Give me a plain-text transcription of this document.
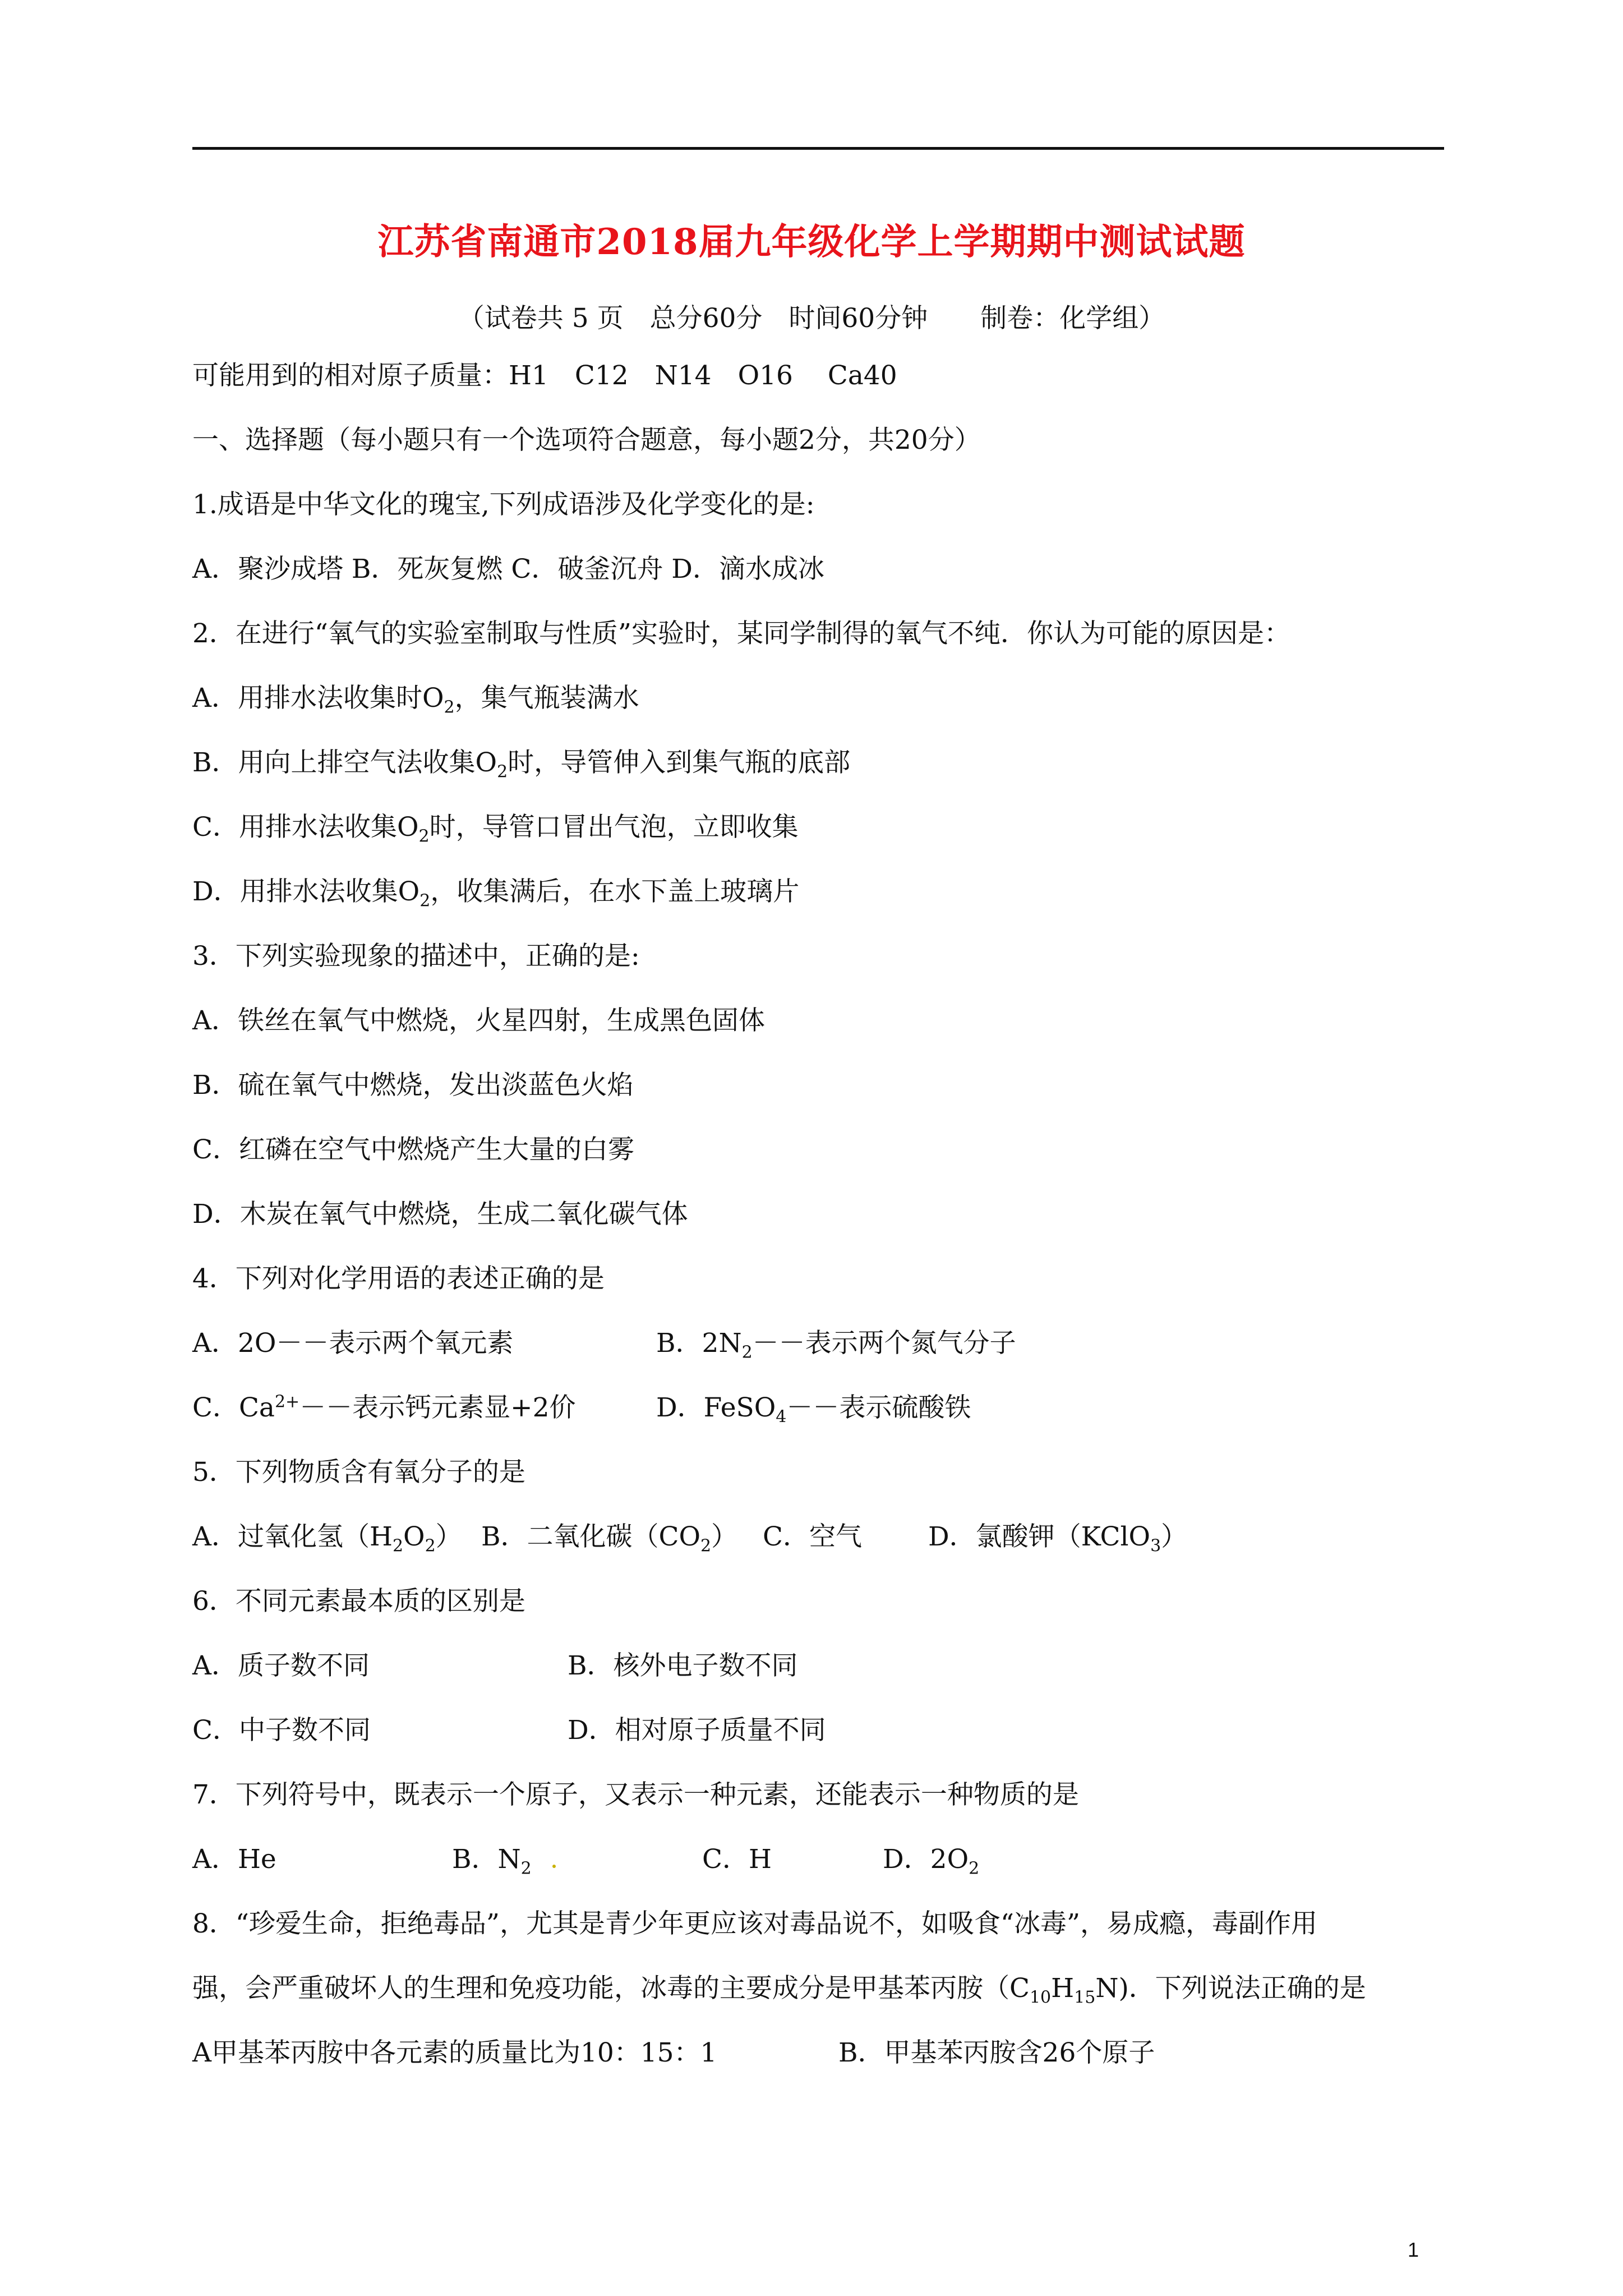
江苏省南通市2018届九年级化学上学期期中测试试题
（试卷共 5 页　总分60分　时间60分钟　　制卷：化学组）
可能用到的相对原子质量：H1　C12　N14　O16　 Ca40
一、选择题（每小题只有一个选项符合题意，每小题2分，共20分）
1.成语是中华文化的瑰宝,下列成语涉及化学变化的是:
A．聚沙成塔 B．死灰复燃 C．破釜沉舟 D．滴水成冰
2．在进行“氧气的实验室制取与性质”实验时，某同学制得的氧气不纯．你认为可能的原因是：
A．用排水法收集时$O_2$，集气瓶装满水
B．用向上排空气法收集$O_2$时，导管伸入到集气瓶的底部
C．用排水法收集$O_2$时，导管口冒出气泡，立即收集
D．用排水法收集$O_2$，收集满后，在水下盖上玻璃片
3．下列实验现象的描述中，正确的是:
A．铁丝在氧气中燃烧，火星四射，生成黑色固体
B．硫在氧气中燃烧，发出淡蓝色火焰
C．红磷在空气中燃烧产生大量的白雾
D．木炭在氧气中燃烧，生成二氧化碳气体
4．下列对化学用语的表述正确的是
A．2O－－表示两个氧元素	B．$2N_2--$表示两个氮气分子
C．$Ca^{2+}--$表示钙元素显+2价	D．FeSO$_4$－－表示硫酸铁
5．下列物质含有氧分子的是
A．过氧化氢$(H_2O_2)$ B．二氧化碳$(CO_2)$ C．空气	D．氯酸钾（KClO$_3$）
6．不同元素最本质的区别是
A．质子数不同	B．核外电子数不同
C．中子数不同	D．相对原子质量不同
7．下列符号中，既表示一个原子，又表示一种元素，还能表示一种物质的是
A．He	B．$N_2$	C．H	D．$2O_2$
8．“珍爱生命，拒绝毒品”，尤其是青少年更应该对毒品说不，如吸食“冰毒”，易成瘾，毒副作用
强，会严重破坏人的生理和免疫功能，冰毒的主要成分是甲基苯丙胺$(C_{10}H_{15}N)$．下列说法正确的是
A甲基苯丙胺中各元素的质量比为10：15：1	B．甲基苯丙胺含26个原子
1
